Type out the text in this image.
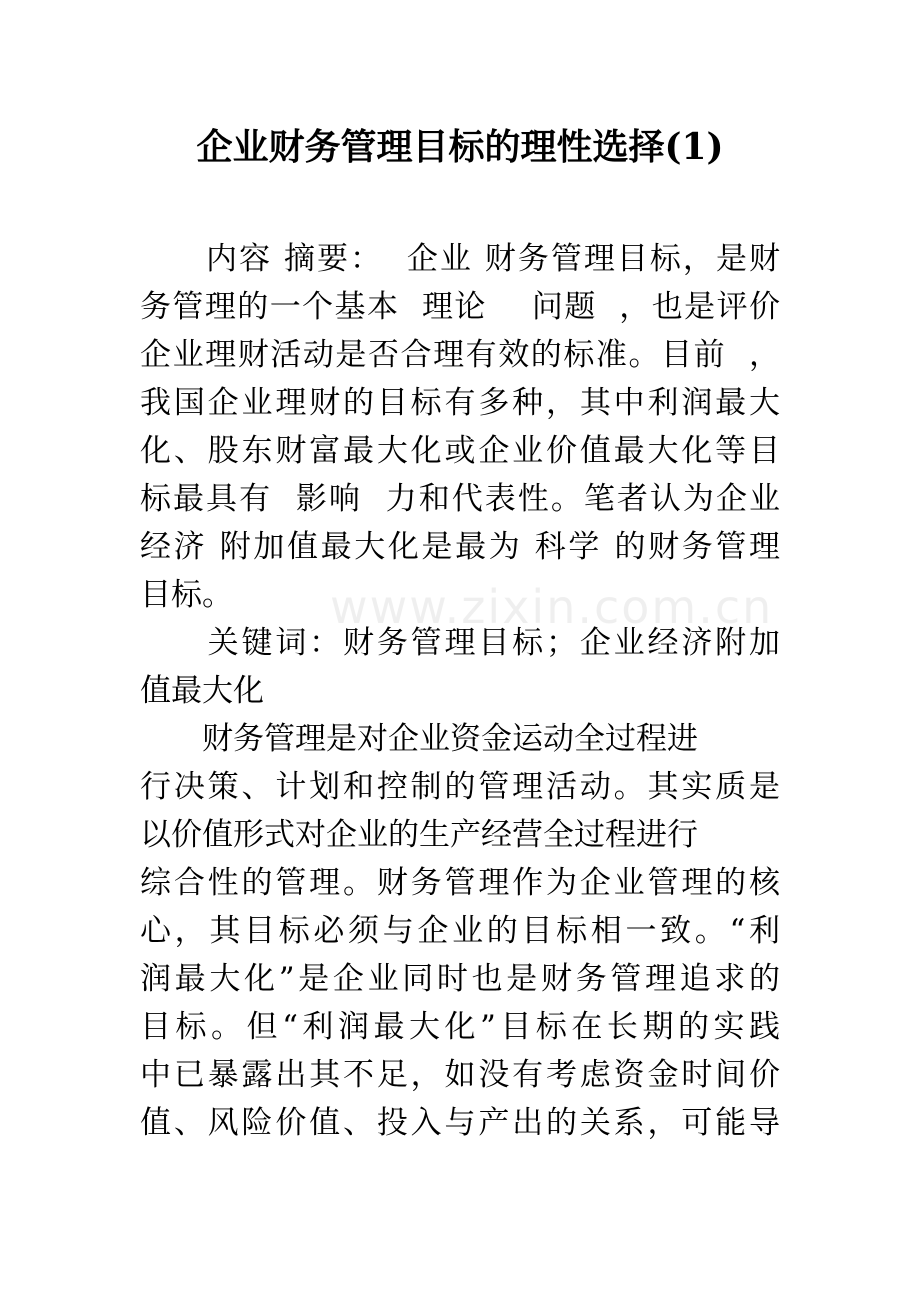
www.zixin.com.cn
企业财务管理目标的理性选择(1)
　　内容 摘要：  企业 财务管理目标，是财
务管理的一个基本  理论    问题  ，也是评价
企业理财活动是否合理有效的标准。目前  ，
我国企业理财的目标有多种，其中利润最大
化、股东财富最大化或企业价值最大化等目
标最具有  影响  力和代表性。笔者认为企业
经济 附加值最大化是最为 科学 的财务管理
目标。
　　关键词：财务管理目标；企业经济附加
值最大化
　　财务管理是对企业资金运动全过程进
行决策、计划和控制的管理活动。其实质是
以价值形式对企业的生产经营全过程进行
综合性的管理。财务管理作为企业管理的核
心，其目标必须与企业的目标相一致。“利
润最大化”是企业同时也是财务管理追求的
目标。但“利润最大化”目标在长期的实践
中已暴露出其不足，如没有考虑资金时间价
值、风险价值、投入与产出的关系，可能导
